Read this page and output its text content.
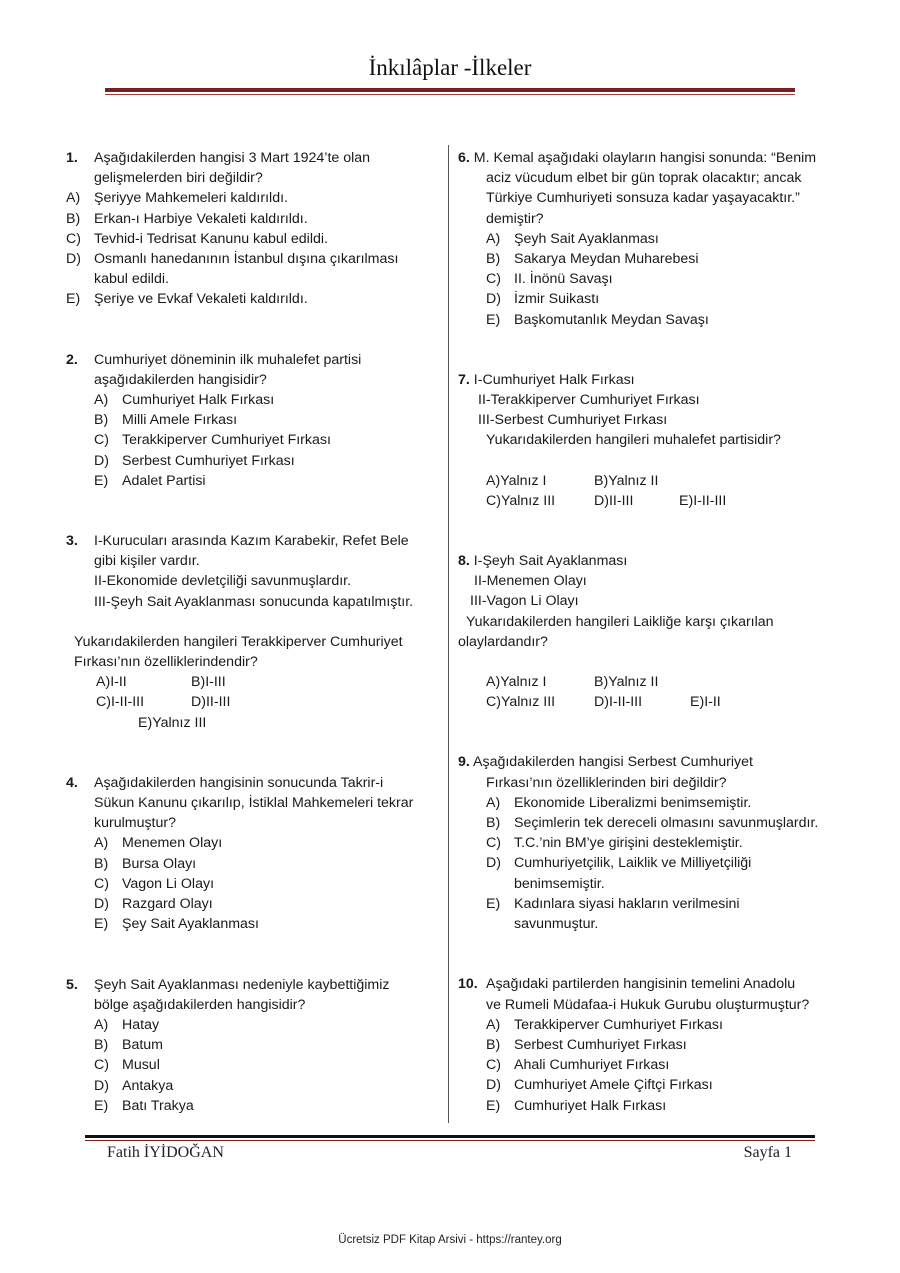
İnkılâplar -İlkeler
1.	Aşağıdakilerden hangisi 3 Mart 1924’te olan
gelişmelerden biri değildir?
A) Şeriyye Mahkemeleri kaldırıldı.
B) Erkan-ı Harbiye Vekaleti kaldırıldı.
C) Tevhid-i Tedrisat Kanunu kabul edildi.
D) Osmanlı hanedanının İstanbul dışına çıkarılması
kabul edildi.
E) Şeriye ve Evkaf Vekaleti kaldırıldı.
2.	Cumhuriyet döneminin ilk muhalefet partisi
aşağıdakilerden hangisidir?
A) Cumhuriyet Halk Fırkası
B) Milli Amele Fırkası
C) Terakkiperver Cumhuriyet Fırkası
D) Serbest Cumhuriyet Fırkası
E) Adalet Partisi
3.	I-Kurucuları arasında Kazım Karabekir, Refet Bele
gibi kişiler vardır.
II-Ekonomide devletçiliği savunmuşlardır.
III-Şeyh Sait Ayaklanması sonucunda kapatılmıştır.
Yukarıdakilerden hangileri Terakkiperver Cumhuriyet
Fırkası’nın özelliklerindendir?
A)I-II	B)I-III
C)I-II-III	D)II-III
E)Yalnız III
4.	Aşağıdakilerden hangisinin sonucunda Takrir-i
Sükun Kanunu çıkarılıp, İstiklal Mahkemeleri tekrar
kurulmuştur?
A) Menemen Olayı
B) Bursa Olayı
C) Vagon Li Olayı
D) Razgard Olayı
E) Şey Sait Ayaklanması
5.	Şeyh Sait Ayaklanması nedeniyle kaybettiğimiz
bölge aşağıdakilerden hangisidir?
A) Hatay
B) Batum
C) Musul
D) Antakya
E) Batı Trakya
6. M. Kemal aşağıdaki olayların hangisi sonunda: “Benim
aciz vücudum elbet bir gün toprak olacaktır; ancak
Türkiye Cumhuriyeti sonsuza kadar yaşayacaktır.”
demiştir?
A) Şeyh Sait Ayaklanması
B) Sakarya Meydan Muharebesi
C) II. İnönü Savaşı
D) İzmir Suikastı
E) Başkomutanlık Meydan Savaşı
7. I-Cumhuriyet Halk Fırkası
II-Terakkiperver Cumhuriyet Fırkası
III-Serbest Cumhuriyet Fırkası
Yukarıdakilerden hangileri muhalefet partisidir?
A)Yalnız I	B)Yalnız II
C)Yalnız III	D)II-III	E)I-II-III
8. I-Şeyh Sait Ayaklanması
II-Menemen Olayı
III-Vagon Li Olayı
Yukarıdakilerden hangileri Laikliğe karşı çıkarılan
olaylardandır?
A)Yalnız I	B)Yalnız II
C)Yalnız III	D)I-II-III	E)I-II
9. Aşağıdakilerden hangisi Serbest Cumhuriyet
Fırkası’nın özelliklerinden biri değildir?
A) Ekonomide Liberalizmi benimsemiştir.
B) Seçimlerin tek dereceli olmasını savunmuşlardır.
C) T.C.’nin BM’ye girişini desteklemiştir.
D) Cumhuriyetçilik, Laiklik ve Milliyetçiliği
benimsemiştir.
E) Kadınlara siyasi hakların verilmesini
savunmuştur.
10. Aşağıdaki partilerden hangisinin temelini Anadolu
ve Rumeli Müdafaa-i Hukuk Gurubu oluşturmuştur?
A) Terakkiperver Cumhuriyet Fırkası
B) Serbest Cumhuriyet Fırkası
C) Ahali Cumhuriyet Fırkası
D) Cumhuriyet Amele Çiftçi Fırkası
E) Cumhuriyet Halk Fırkası
Fatih İYİDOĞAN	Sayfa 1
Ücretsiz PDF Kitap Arsivi - https://rantey.org
